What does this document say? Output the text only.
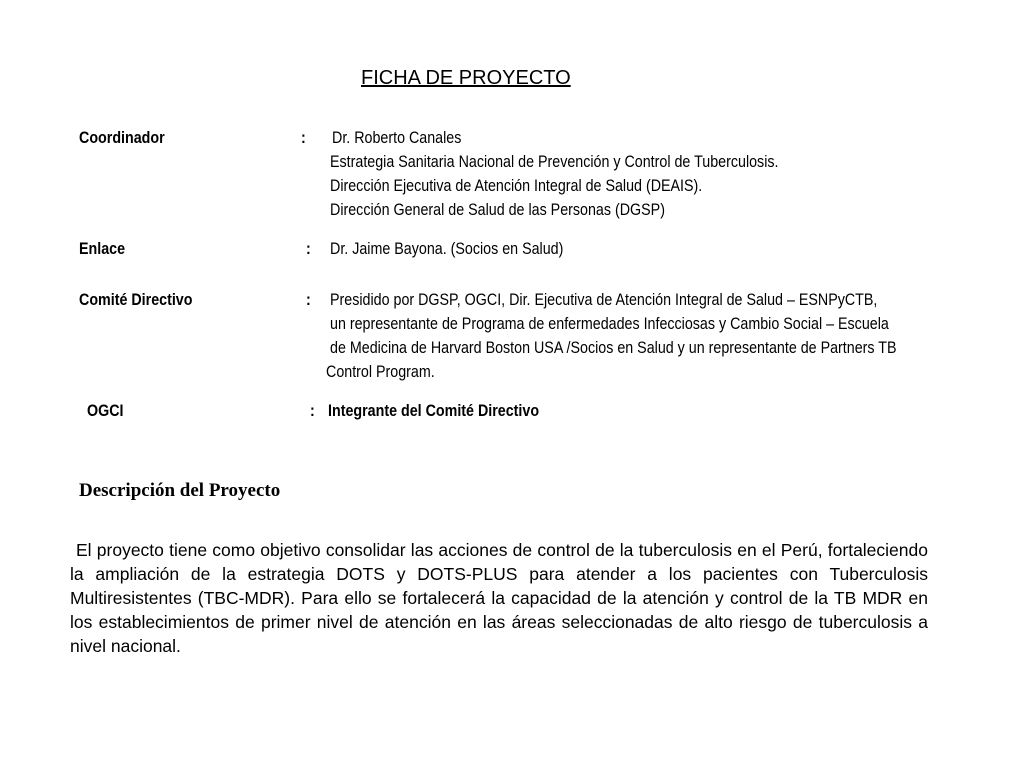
FICHA DE PROYECTO
Coordinador	: Dr. Roberto Canales
Estrategia Sanitaria Nacional de Prevención y Control de Tuberculosis.
Dirección Ejecutiva de Atención Integral de Salud (DEAIS).
Dirección General de Salud de las Personas (DGSP)
Enlace	: Dr. Jaime Bayona. (Socios en Salud)
Comité Directivo	: Presidido por DGSP, OGCI, Dir. Ejecutiva de Atención Integral de Salud – ESNPyCTB,
un representante de Programa de enfermedades Infecciosas y Cambio Social – Escuela
de Medicina de Harvard Boston USA /Socios en Salud y un representante de Partners TB
Control Program.
OGCI	: Integrante del Comité Directivo
Descripción del Proyecto
El proyecto tiene como objetivo consolidar las acciones de control de la tuberculosis en el Perú, fortaleciendo la ampliación de la estrategia DOTS y DOTS-PLUS para atender a los pacientes con Tuberculosis Multiresistentes (TBC-MDR). Para ello se fortalecerá la capacidad de la atención y control de la TB MDR en los establecimientos de primer nivel de atención en las áreas seleccionadas de alto riesgo de tuberculosis a nivel nacional.
